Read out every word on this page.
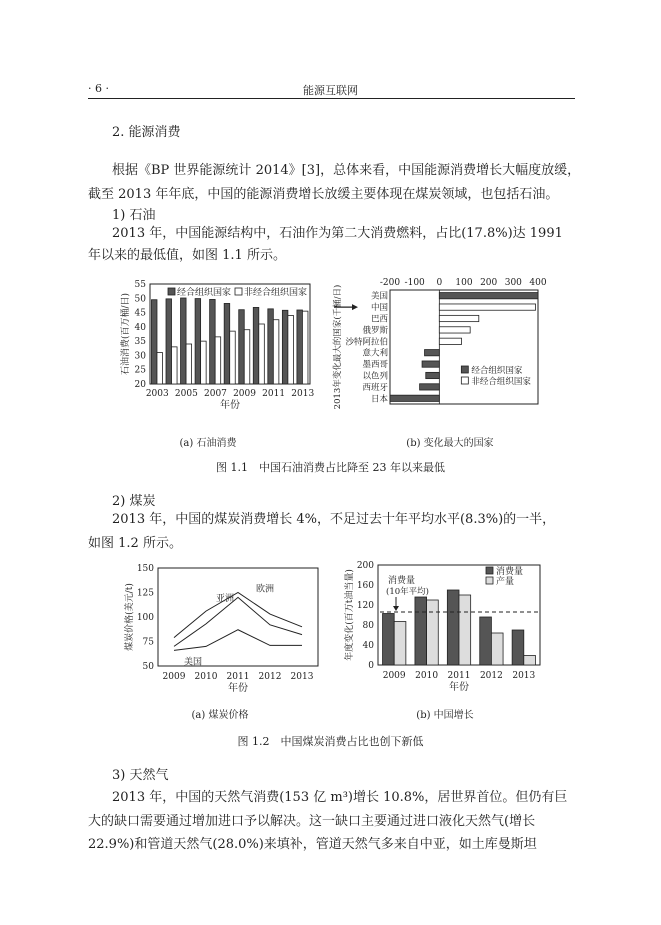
· 6 ·	能源互联网
2. 能源消费
根据《BP 世界能源统计 2014》[3]，总体来看，中国能源消费增长大幅度放缓，
截至 2013 年年底，中国的能源消费增长放缓主要体现在煤炭领域，也包括石油。
1) 石油
2013 年，中国能源结构中，石油作为第二大消费燃料，占比(17.8%)达 1991
年以来的最低值，如图 1.1 所示。
20
25
30
35
40
45
50
55
2003 2005 2007 2009 2011 2013
年份
石油消费(百万桶/日)	经合组织国家 非经合组织国家
-200 -100 0 100 200 300 400
美国
中国
巴西
俄罗斯
沙特阿拉伯
意大利
墨西哥
以色列
西班牙
日本
2013年变化最大的国家(千桶/日)	经合组织国家
非经合组织国家
(a) 石油消费	(b) 变化最大的国家
图 1.1　中国石油消费占比降至 23 年以来最低
2) 煤炭
2013 年，中国的煤炭消费增长 4%，不足过去十年平均水平(8.3%)的一半，
如图 1.2 所示。
50
75
100
125
150
2009 2010 2011 2012 2013
亚洲
欧洲
美国
年份
煤炭价格(美元/t)
0
40
80
120
160
200
2009 2010 2011 2012 2013
消费量
(10年平均)
消费量
产量
年份
年度变化(百万t油当量)
(a) 煤炭价格	(b) 中国增长
图 1.2　中国煤炭消费占比也创下新低
3) 天然气
2013 年，中国的天然气消费(153 亿 m³)增长 10.8%，居世界首位。但仍有巨
大的缺口需要通过增加进口予以解决。这一缺口主要通过进口液化天然气(增长
22.9%)和管道天然气(28.0%)来填补，管道天然气多来自中亚，如土库曼斯坦
